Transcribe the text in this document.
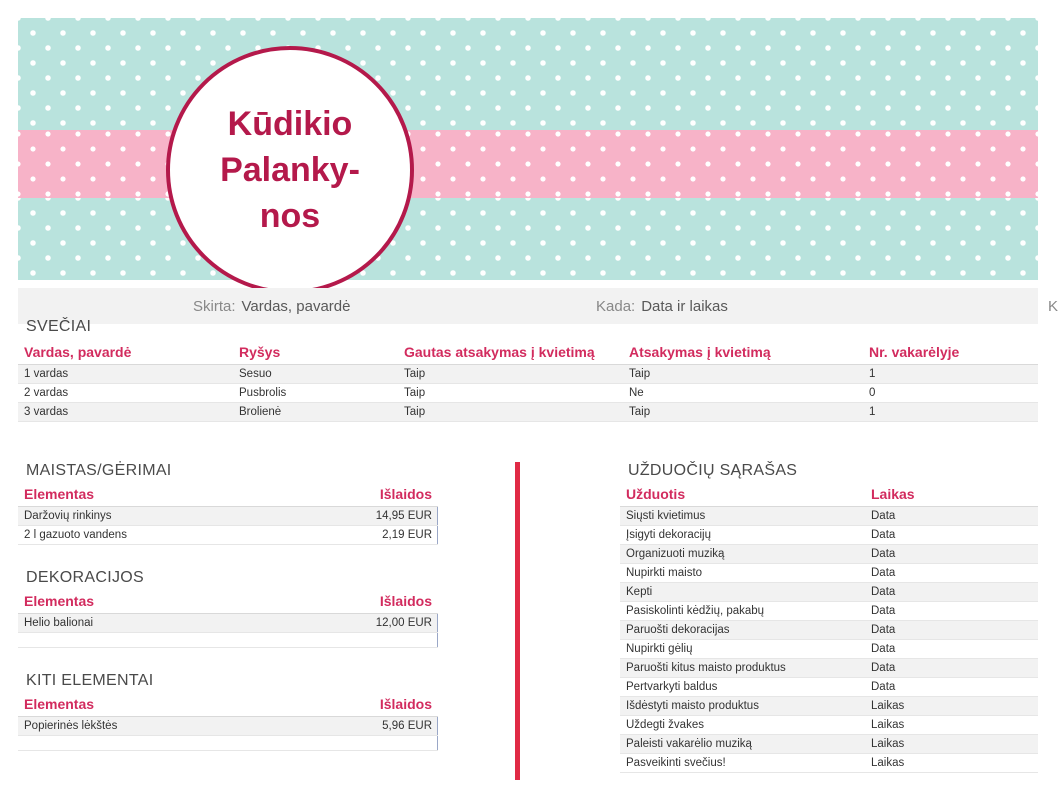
Kūdikio
Palanky-
nos
Skirta: Vardas, pavardė	Kada: Data ir laikas	K
SVEČIAI
Vardas, pavardė	Ryšys	Gautas atsakymas į kvietimą	Atsakymas į kvietimą	Nr. vakarėlyje
1 vardas	Sesuo	Taip	Taip	1
2 vardas	Pusbrolis	Taip	Ne	0
3 vardas	Brolienė	Taip	Taip	1
MAISTAS/GĖRIMAI
Elementas	Išlaidos
Daržovių rinkinys	14,95 EUR
2 l gazuoto vandens	2,19 EUR
DEKORACIJOS
Elementas	Išlaidos
Helio balionai	12,00 EUR

KITI ELEMENTAI
Elementas	Išlaidos
Popierinės lėkštės	5,96 EUR

UŽDUOČIŲ SĄRAŠAS
Užduotis	Laikas
Siųsti kvietimus	Data
Įsigyti dekoracijų	Data
Organizuoti muziką	Data
Nupirkti maisto	Data
Kepti	Data
Pasiskolinti kėdžių, pakabų	Data
Paruošti dekoracijas	Data
Nupirkti gėlių	Data
Paruošti kitus maisto produktus	Data
Pertvarkyti baldus	Data
Išdėstyti maisto produktus	Laikas
Uždegti žvakes	Laikas
Paleisti vakarėlio muziką	Laikas
Pasveikinti svečius!	Laikas
